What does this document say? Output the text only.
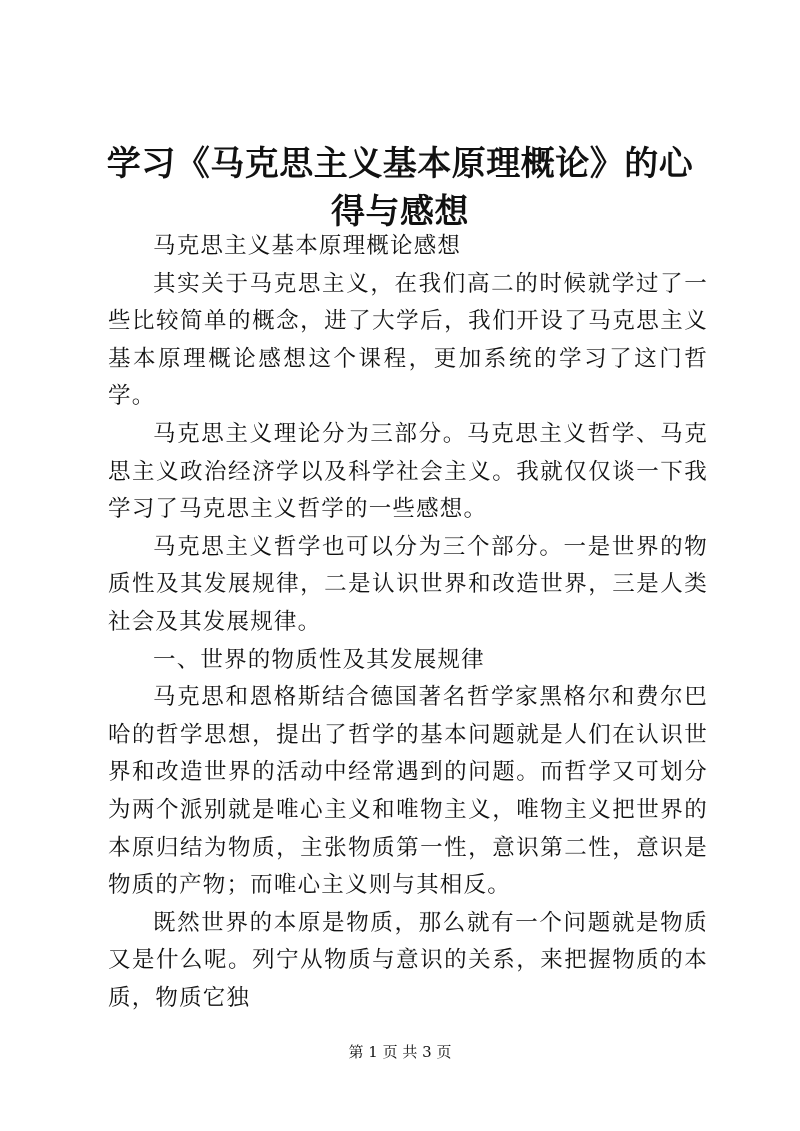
学习《马克思主义基本原理概论》的心得与感想

马克思主义基本原理概论感想

其实关于马克思主义，在我们高二的时候就学过了一些比较简单的概念，进了大学后，我们开设了马克思主义基本原理概论感想这个课程，更加系统的学习了这门哲学。

马克思主义理论分为三部分。马克思主义哲学、马克思主义政治经济学以及科学社会主义。我就仅仅谈一下我学习了马克思主义哲学的一些感想。

马克思主义哲学也可以分为三个部分。一是世界的物质性及其发展规律，二是认识世界和改造世界，三是人类社会及其发展规律。

一、世界的物质性及其发展规律

马克思和恩格斯结合德国著名哲学家黑格尔和费尔巴哈的哲学思想，提出了哲学的基本问题就是人们在认识世界和改造世界的活动中经常遇到的问题。而哲学又可划分为两个派别就是唯心主义和唯物主义，唯物主义把世界的本原归结为物质，主张物质第一性，意识第二性，意识是物质的产物；而唯心主义则与其相反。

既然世界的本原是物质，那么就有一个问题就是物质又是什么呢。列宁从物质与意识的关系，来把握物质的本质，物质它独

第 1 页 共 3 页
